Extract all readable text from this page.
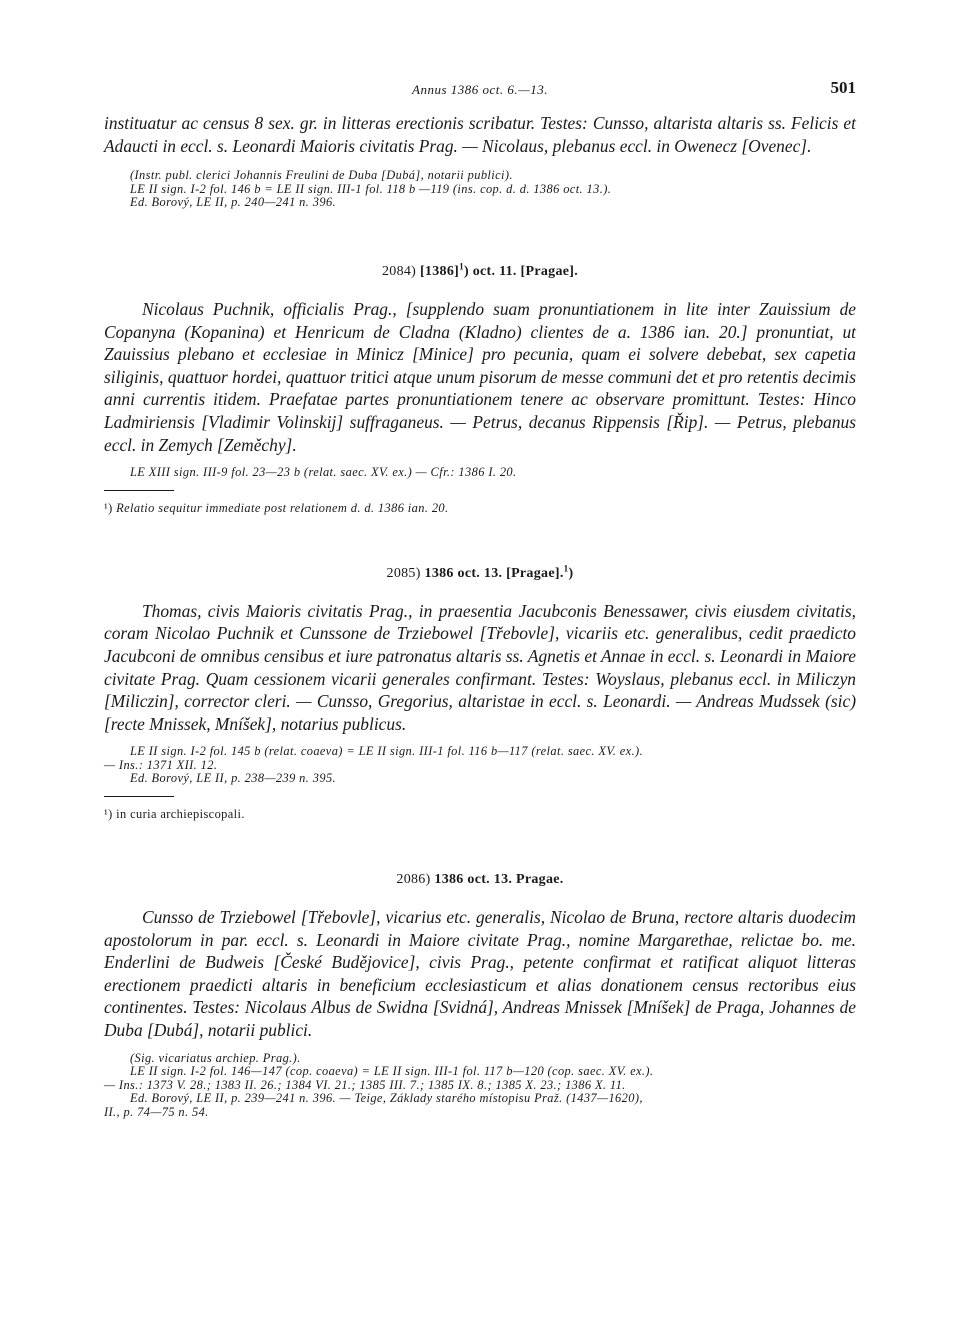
Annus 1386 oct. 6.—13.	501

instituatur ac census 8 sex. gr. in litteras erectionis scribatur. Testes: Cunsso, altarista altaris ss. Felicis et Adaucti in eccl. s. Leonardi Maioris civitatis Prag. — Nicolaus, plebanus eccl. in Owenecz [Ovenec].

(Instr. publ. clerici Johannis Freulini de Duba [Dubá], notarii publici).
LE II sign. I-2 fol. 146 b = LE II sign. III-1 fol. 118 b —119 (ins. cop. d. d. 1386 oct. 13.).
Ed. Borový, LE II, p. 240—241 n. 396.

2084) $[1386]^1$) oct. 11. [Pragae].

Nicolaus Puchnik, officialis Prag., [supplendo suam pronuntiationem in lite inter Zauissium de Copanyna (Kopanina) et Henricum de Cladna (Kladno) clientes de a. 1386 ian. 20.] pronuntiat, ut Zauissius plebano et ecclesiae in Minicz [Minice] pro pecunia, quam ei solvere debebat, sex capetia siliginis, quattuor hordei, quattuor tritici atque unum pisorum de messe communi det et pro retentis decimis anni currentis itidem. Praefatae partes pronuntiationem tenere ac observare promittunt. Testes: Hinco Ladmiriensis [Vladimir Volinskij] suffraganeus. — Petrus, decanus Rippensis [Řip]. — Petrus, plebanus eccl. in Zemych [Zeměchy].

LE XIII sign. III-9 fol. 23—23 b (relat. saec. XV. ex.) — Cfr.: 1386 I. 20.
¹) Relatio sequitur immediate post relationem d. d. 1386 ian. 20.

2085) 1386 oct. 13. [Pragae].$^1$)

Thomas, civis Maioris civitatis Prag., in praesentia Jacubconis Benessawer, civis eiusdem civitatis, coram Nicolao Puchnik et Cunssone de Trziebowel [Třebovle], vicariis etc. generalibus, cedit praedicto Jacubconi de omnibus censibus et iure patronatus altaris ss. Agnetis et Annae in eccl. s. Leonardi in Maiore civitate Prag. Quam cessionem vicarii generales confirmant. Testes: Woyslaus, plebanus eccl. in Miliczyn [Miliczin], corrector cleri. — Cunsso, Gregorius, altaristae in eccl. s. Leonardi. — Andreas Mudssek (sic) [recte Mnissek, Mníšek], notarius publicus.

LE II sign. I-2 fol. 145 b (relat. coaeva) = LE II sign. III-1 fol. 116 b—117 (relat. saec. XV. ex.).
— Ins.: 1371 XII. 12.
Ed. Borový, LE II, p. 238—239 n. 395.
¹) in curia archiepiscopali.

2086) 1386 oct. 13. Pragae.

Cunsso de Trziebowel [Třebovle], vicarius etc. generalis, Nicolao de Bruna, rectore altaris duodecim apostolorum in par. eccl. s. Leonardi in Maiore civitate Prag., nomine Margarethae, relictae bo. me. Enderlini de Budweis [České Budějovice], civis Prag., petente confirmat et ratificat aliquot litteras erectionem praedicti altaris in beneficium ecclesiasticum et alias donationem census rectoribus eius continentes. Testes: Nicolaus Albus de Swidna [Svidná], Andreas Mnissek [Mníšek] de Praga, Johannes de Duba [Dubá], notarii publici.

(Sig. vicariatus archiep. Prag.).
LE II sign. I-2 fol. 146—147 (cop. coaeva) = LE II sign. III-1 fol. 117 b—120 (cop. saec. XV. ex.).
— Ins.: 1373 V. 28.; 1383 II. 26.; 1384 VI. 21.; 1385 III. 7.; 1385 IX. 8.; 1385 X. 23.; 1386 X. 11.
Ed. Borový, LE II, p. 239—241 n. 396. — Teige, Základy starého místopisu Praž. (1437—1620),
II., p. 74—75 n. 54.
